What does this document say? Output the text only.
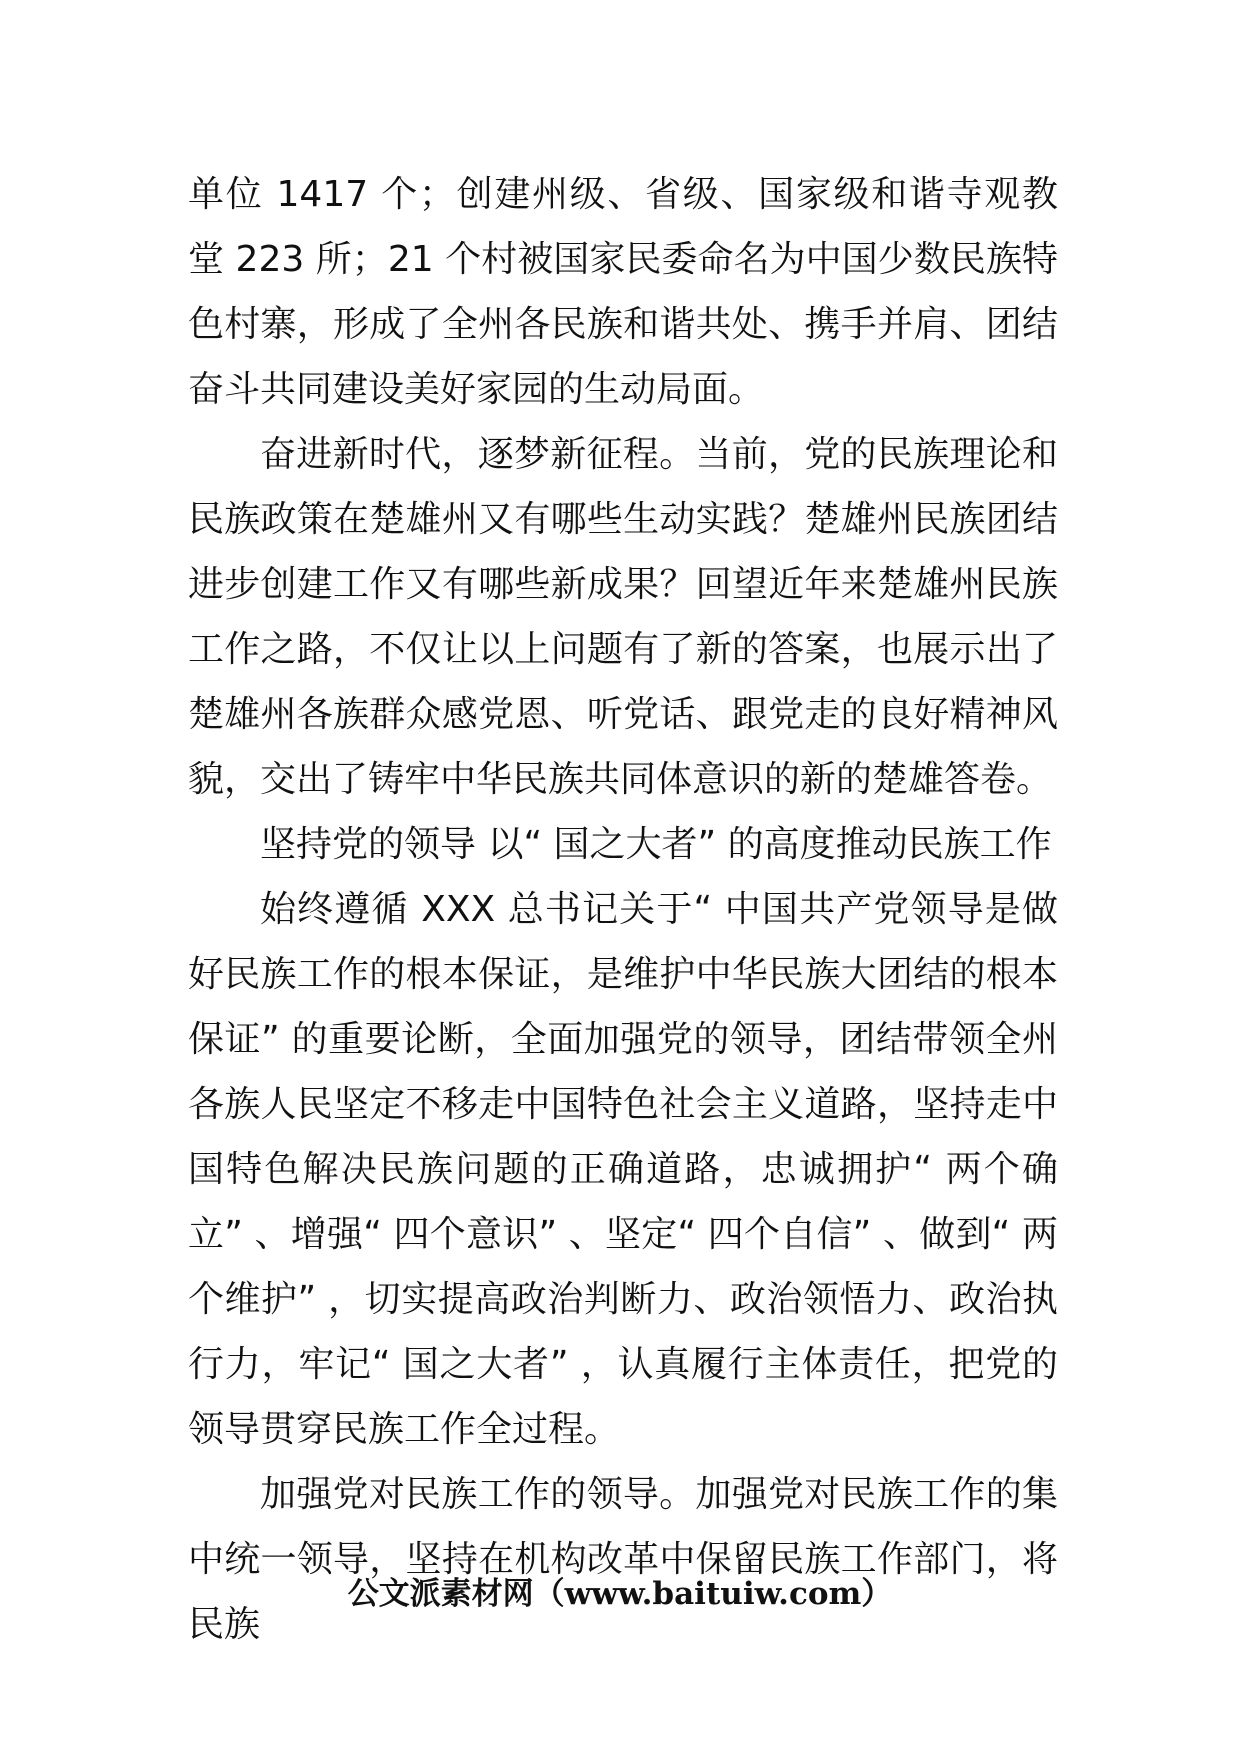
单位 1417 个；创建州级、省级、国家级和谐寺观教堂 223 所；21 个村被国家民委命名为中国少数民族特色村寨，形成了全州各民族和谐共处、携手并肩、团结奋斗共同建设美好家园的生动局面。

奋进新时代，逐梦新征程。当前，党的民族理论和民族政策在楚雄州又有哪些生动实践？楚雄州民族团结进步创建工作又有哪些新成果？回望近年来楚雄州民族工作之路，不仅让以上问题有了新的答案，也展示出了楚雄州各族群众感党恩、听党话、跟党走的良好精神风貌，交出了铸牢中华民族共同体意识的新的楚雄答卷。

坚持党的领导 以“ 国之大者” 的高度推动民族工作

始终遵循 XXX 总书记关于“ 中国共产党领导是做好民族工作的根本保证，是维护中华民族大团结的根本保证” 的重要论断，全面加强党的领导，团结带领全州各族人民坚定不移走中国特色社会主义道路，坚持走中国特色解决民族问题的正确道路，忠诚拥护“ 两个确立” 、增强“ 四个意识” 、坚定“ 四个自信” 、做到“ 两个维护” ，切实提高政治判断力、政治领悟力、政治执行力，牢记“ 国之大者” ，认真履行主体责任，把党的领导贯穿民族工作全过程。

加强党对民族工作的领导。加强党对民族工作的集中统一领导，坚持在机构改革中保留民族工作部门，将民族

公文派素材网（www.baituiw.com）
